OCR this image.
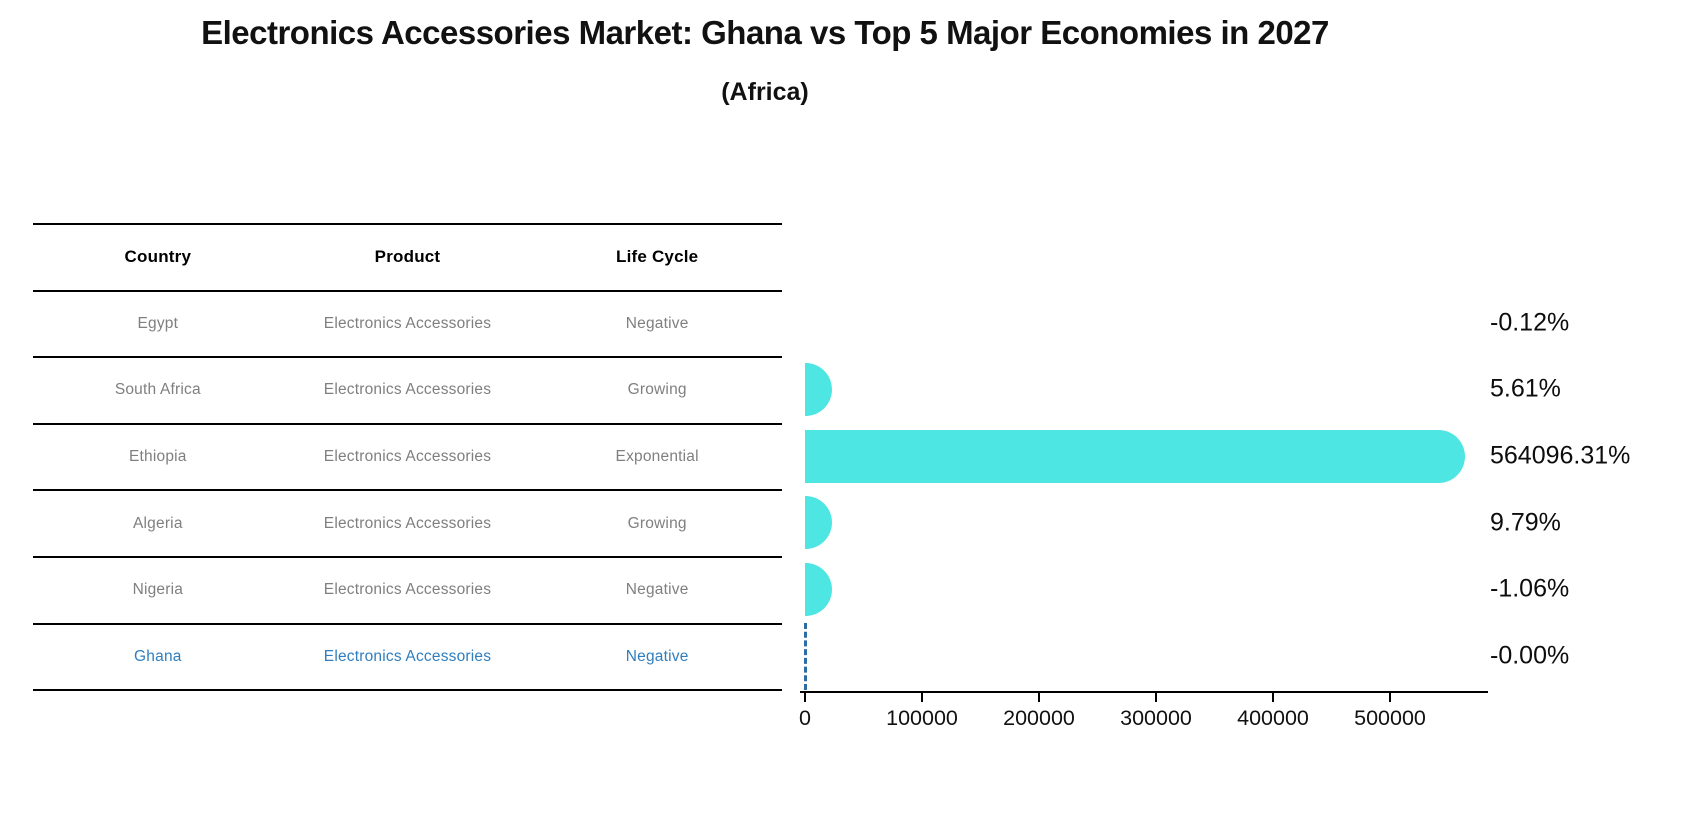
Electronics Accessories Market: Ghana vs Top 5 Major Economies in 2027
(Africa)
Country	Product	Life Cycle
Egypt	Electronics Accessories	Negative
South Africa	Electronics Accessories	Growing
Ethiopia	Electronics Accessories	Exponential
Algeria	Electronics Accessories	Growing
Nigeria	Electronics Accessories	Negative
Ghana	Electronics Accessories	Negative
-0.12%
5.61%
564096.31%
9.79%
-1.06%
-0.00%
0	100000 200000 300000 400000 500000
